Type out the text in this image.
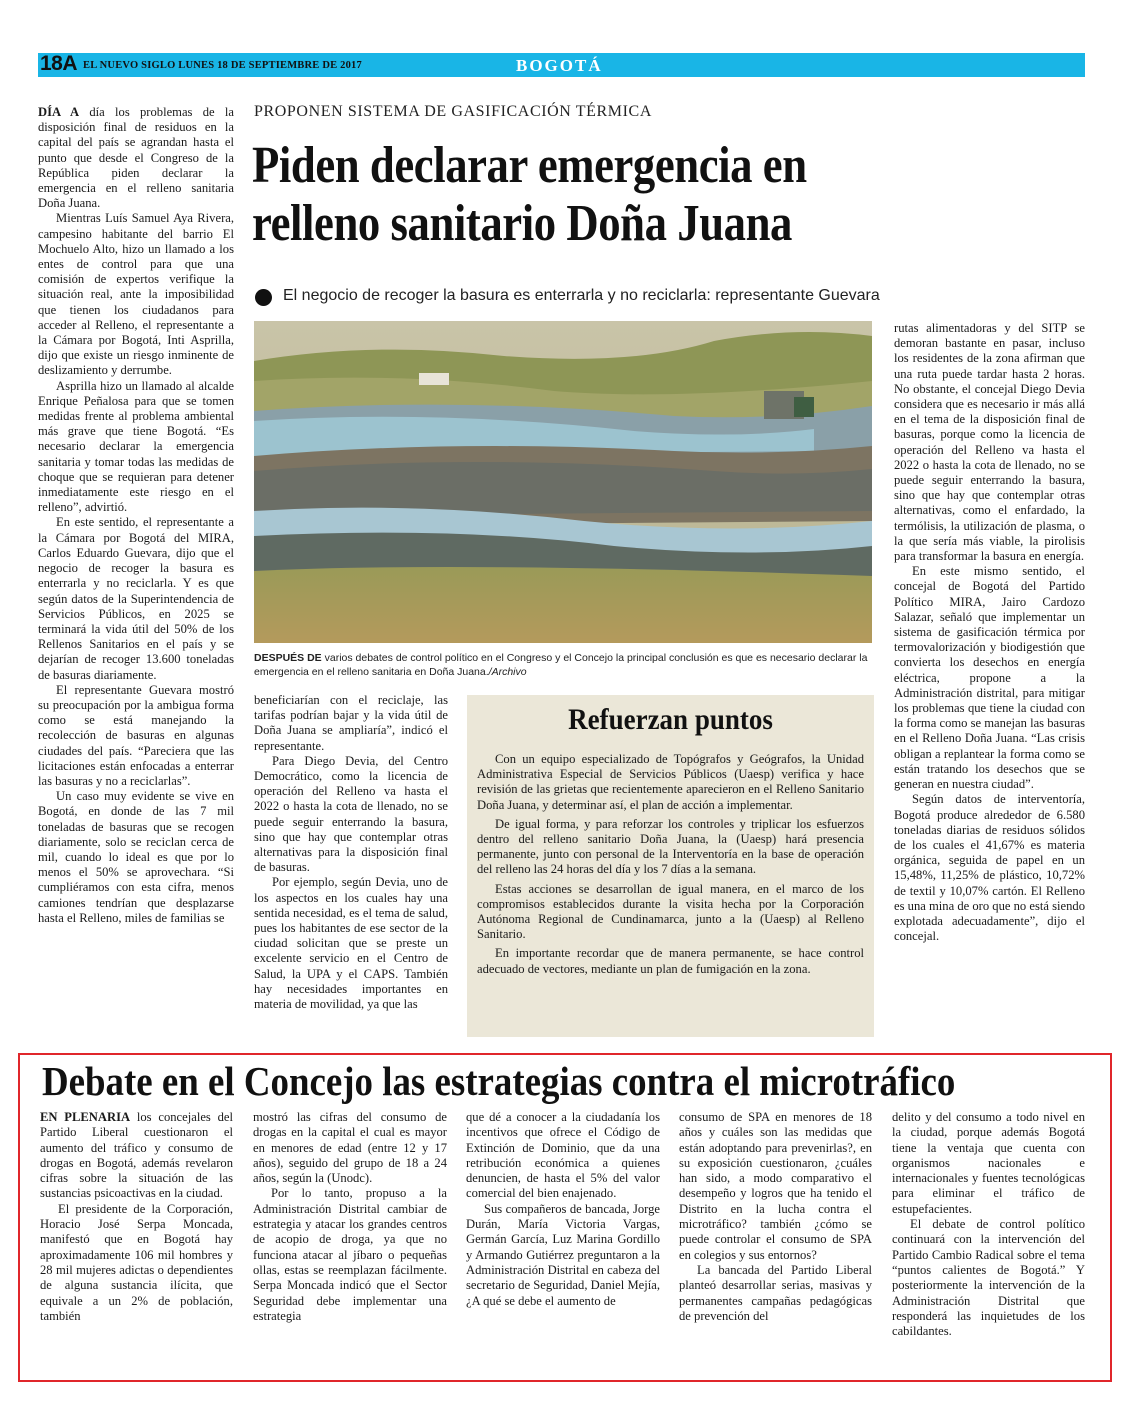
18A EL NUEVO SIGLO LUNES 18 DE SEPTIEMBRE DE 2017	BOGOTÁ

DÍA A día los problemas de la disposición final de residuos en la capital del país se agrandan hasta el punto que desde el Congreso de la República piden declarar la emergencia en el relleno sanitaria Doña Juana.

Mientras Luís Samuel Aya Rivera, campesino habitante del barrio El Mochuelo Alto, hizo un llamado a los entes de control para que una comisión de expertos verifique la situación real, ante la imposibilidad que tienen los ciudadanos para acceder al Relleno, el representante a la Cámara por Bogotá, Inti Asprilla, dijo que existe un riesgo inminente de deslizamiento y derrumbe.

Asprilla hizo un llamado al alcalde Enrique Peñalosa para que se tomen medidas frente al problema ambiental más grave que tiene Bogotá. “Es necesario declarar la emergencia sanitaria y tomar todas las medidas de choque que se requieran para detener inmediatamente este riesgo en el relleno”, advirtió.

En este sentido, el representante a la Cámara por Bogotá del MIRA, Carlos Eduardo Guevara, dijo que el negocio de recoger la basura es enterrarla y no reciclarla. Y es que según datos de la Superintendencia de Servicios Públicos, en 2025 se terminará la vida útil del 50% de los Rellenos Sanitarios en el país y se dejarían de recoger 13.600 toneladas de basuras diariamente.

El representante Guevara mostró su preocupación por la ambigua forma como se está manejando la recolección de basuras en algunas ciudades del país. “Pareciera que las licitaciones están enfocadas a enterrar las basuras y no a reciclarlas”.

Un caso muy evidente se vive en Bogotá, en donde de las 7 mil toneladas de basuras que se recogen diariamente, solo se reciclan cerca de mil, cuando lo ideal es que por lo menos el 50% se aprovechara. “Si cumpliéramos con esta cifra, menos camiones tendrían que desplazarse hasta el Relleno, miles de familias se

PROPONEN SISTEMA DE GASIFICACIÓN TÉRMICA
Piden declarar emergencia en
relleno sanitario Doña Juana
El negocio de recoger la basura es enterrarla y no reciclarla: representante Guevara
DESPUÉS DE varios debates de control político en el Congreso y el Concejo la principal conclusión es que es necesario declarar la emergencia en el relleno sanitaria en Doña Juana./Archivo

beneficiarían con el reciclaje, las tarifas podrían bajar y la vida útil de Doña Juana se ampliaría”, indicó el representante.

Para Diego Devia, del Centro Democrático, como la licencia de operación del Relleno va hasta el 2022 o hasta la cota de llenado, no se puede seguir enterrando la basura, sino que hay que contemplar otras alternativas para la disposición final de basuras.

Por ejemplo, según Devia, uno de los aspectos en los cuales hay una sentida necesidad, es el tema de salud, pues los habitantes de ese sector de la ciudad solicitan que se preste un excelente servicio en el Centro de Salud, la UPA y el CAPS. También hay necesidades importantes en materia de movilidad, ya que las

Refuerzan puntos

Con un equipo especializado de Topógrafos y Geógrafos, la Unidad Administrativa Especial de Servicios Públicos (Uaesp) verifica y hace revisión de las grietas que recientemente aparecieron en el Relleno Sanitario Doña Juana, y determinar así, el plan de acción a implementar.

De igual forma, y para reforzar los controles y triplicar los esfuerzos dentro del relleno sanitario Doña Juana, la (Uaesp) hará presencia permanente, junto con personal de la Interventoría en la base de operación del relleno las 24 horas del día y los 7 días a la semana.

Estas acciones se desarrollan de igual manera, en el marco de los compromisos establecidos durante la visita hecha por la Corporación Autónoma Regional de Cundinamarca, junto a la (Uaesp) al Relleno Sanitario.

En importante recordar que de manera permanente, se hace control adecuado de vectores, mediante un plan de fumigación en la zona.

rutas alimentadoras y del SITP se demoran bastante en pasar, incluso los residentes de la zona afirman que una ruta puede tardar hasta 2 horas. No obstante, el concejal Diego Devia considera que es necesario ir más allá en el tema de la disposición final de basuras, porque como la licencia de operación del Relleno va hasta el 2022 o hasta la cota de llenado, no se puede seguir enterrando la basura, sino que hay que contemplar otras alternativas, como el enfardado, la termólisis, la utilización de plasma, o la que sería más viable, la pirolisis para transformar la basura en energía.

En este mismo sentido, el concejal de Bogotá del Partido Político MIRA, Jairo Cardozo Salazar, señaló que implementar un sistema de gasificación térmica por termovalorización y biodigestión que convierta los desechos en energía eléctrica, propone a la Administración distrital, para mitigar los problemas que tiene la ciudad con la forma como se manejan las basuras en el Relleno Doña Juana. “Las crisis obligan a replantear la forma como se están tratando los desechos que se generan en nuestra ciudad”.

Según datos de interventoría, Bogotá produce alrededor de 6.580 toneladas diarias de residuos sólidos de los cuales el 41,67% es materia orgánica, seguida de papel en un 15,48%, 11,25% de plástico, 10,72% de textil y 10,07% cartón. El Relleno es una mina de oro que no está siendo explotada adecuadamente”, dijo el concejal.

Debate en el Concejo las estrategias contra el microtráfico

EN PLENARIA los concejales del Partido Liberal cuestionaron el aumento del tráfico y consumo de drogas en Bogotá, además revelaron cifras sobre la situación de las sustancias psicoactivas en la ciudad.

El presidente de la Corporación, Horacio José Serpa Moncada, manifestó que en Bogotá hay aproximadamente 106 mil hombres y 28 mil mujeres adictas o dependientes de alguna sustancia ilícita, que equivale a un 2% de población, también

mostró las cifras del consumo de drogas en la capital el cual es mayor en menores de edad (entre 12 y 17 años), seguido del grupo de 18 a 24 años, según la (Unodc).

Por lo tanto, propuso a la Administración Distrital cambiar de estrategia y atacar los grandes centros de acopio de droga, ya que no funciona atacar al jíbaro o pequeñas ollas, estas se reemplazan fácilmente. Serpa Moncada indicó que el Sector Seguridad debe implementar una estrategia

que dé a conocer a la ciudadanía los incentivos que ofrece el Código de Extinción de Dominio, que da una retribución económica a quienes denuncien, de hasta el 5% del valor comercial del bien enajenado.

Sus compañeros de bancada, Jorge Durán, María Victoria Vargas, Germán García, Luz Marina Gordillo y Armando Gutiérrez preguntaron a la Administración Distrital en cabeza del secretario de Seguridad, Daniel Mejía, ¿A qué se debe el aumento de

consumo de SPA en menores de 18 años y cuáles son las medidas que están adoptando para prevenirlas?, en su exposición cuestionaron, ¿cuáles han sido, a modo comparativo el desempeño y logros que ha tenido el Distrito en la lucha contra el microtráfico? también ¿cómo se puede controlar el consumo de SPA en colegios y sus entornos?

La bancada del Partido Liberal planteó desarrollar serias, masivas y permanentes campañas pedagógicas de prevención del

delito y del consumo a todo nivel en la ciudad, porque además Bogotá tiene la ventaja que cuenta con organismos nacionales e internacionales y fuentes tecnológicas para eliminar el tráfico de estupefacientes.

El debate de control político continuará con la intervención del Partido Cambio Radical sobre el tema “puntos calientes de Bogotá.” Y posteriormente la intervención de la Administración Distrital que responderá las inquietudes de los cabildantes.
